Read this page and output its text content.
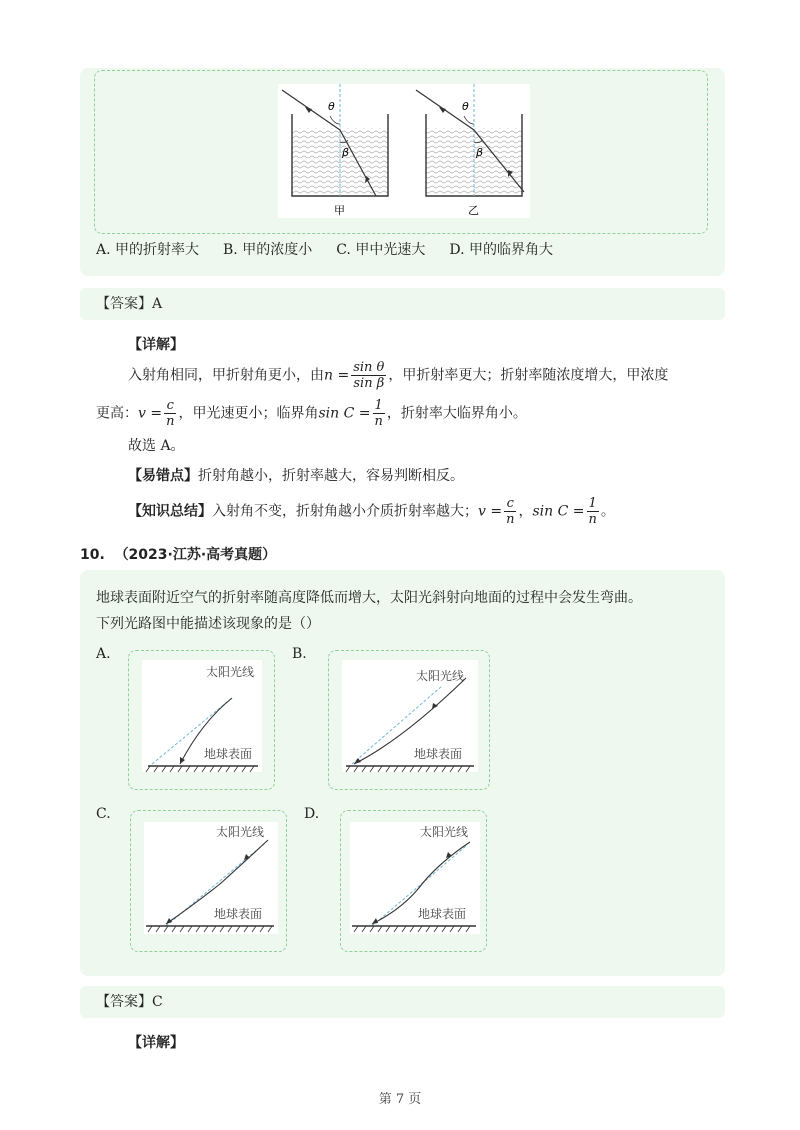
θ
β
甲
θ
β
乙
A. 甲的折射率大 B. 甲的浓度小 C. 甲中光速大 D. 甲的临界角大
【答案】A
【详解】
入射角相同，甲折射角更小，由$n = \frac{\text{sin θ}}{\text{sin β}}$ ，甲折射率更大；折射率随浓度增大，甲浓度
更高：$v = \frac{c}{n}$ ，甲光速更小；临界角$\sin C = \frac{1}{n}$ ，折射率大临界角小。
故选 A。
【易错点】折射角越小，折射率越大，容易判断相反。
【知识总结】入射角不变，折射角越小介质折射率越大；$v = \frac{c}{n}$ ，$\sin C = \frac{1}{n}$ 。
10. （2023·江苏·高考真题）
地球表面附近空气的折射率随高度降低而增大，太阳光斜射向地面的过程中会发生弯曲。
下列光路图中能描述该现象的是（）
A.
太阳光线
地球表面
B.
太阳光线
地球表面
C.
太阳光线
地球表面
D.
太阳光线
地球表面
【答案】C
【详解】
第 7 页
